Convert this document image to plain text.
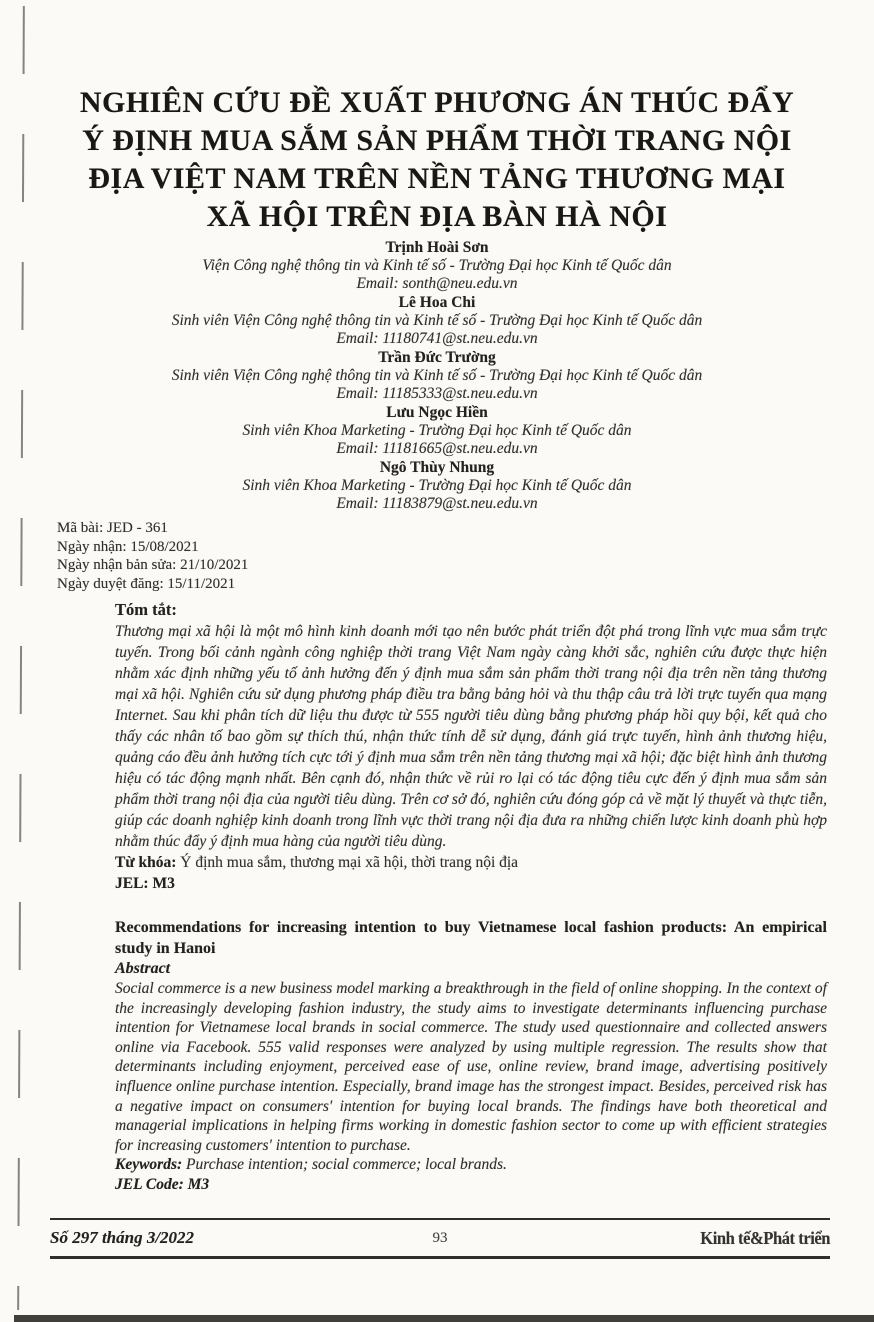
NGHIÊN CỨU ĐỀ XUẤT PHƯƠNG ÁN THÚC ĐẨY
Ý ĐỊNH MUA SẮM SẢN PHẨM THỜI TRANG NỘI
ĐỊA VIỆT NAM TRÊN NỀN TẢNG THƯƠNG MẠI
XÃ HỘI TRÊN ĐỊA BÀN HÀ NỘI
Trịnh Hoài Sơn
Viện Công nghệ thông tin và Kinh tế số - Trường Đại học Kinh tế Quốc dân
Email: sonth@neu.edu.vn
Lê Hoa Chi
Sinh viên Viện Công nghệ thông tin và Kinh tế số - Trường Đại học Kinh tế Quốc dân
Email: 11180741@st.neu.edu.vn
Trần Đức Trường
Sinh viên Viện Công nghệ thông tin và Kinh tế số - Trường Đại học Kinh tế Quốc dân
Email: 11185333@st.neu.edu.vn
Lưu Ngọc Hiền
Sinh viên Khoa Marketing - Trường Đại học Kinh tế Quốc dân
Email: 11181665@st.neu.edu.vn
Ngô Thùy Nhung
Sinh viên Khoa Marketing - Trường Đại học Kinh tế Quốc dân
Email: 11183879@st.neu.edu.vn
Mã bài: JED - 361
Ngày nhận: 15/08/2021
Ngày nhận bản sửa: 21/10/2021
Ngày duyệt đăng: 15/11/2021
Tóm tắt:

Thương mại xã hội là một mô hình kinh doanh mới tạo nên bước phát triển đột phá trong lĩnh vực mua sắm trực tuyến. Trong bối cảnh ngành công nghiệp thời trang Việt Nam ngày càng khởi sắc, nghiên cứu được thực hiện nhằm xác định những yếu tố ảnh hưởng đến ý định mua sắm sản phẩm thời trang nội địa trên nền tảng thương mại xã hội. Nghiên cứu sử dụng phương pháp điều tra bằng bảng hỏi và thu thập câu trả lời trực tuyến qua mạng Internet. Sau khi phân tích dữ liệu thu được từ 555 người tiêu dùng bằng phương pháp hồi quy bội, kết quả cho thấy các nhân tố bao gồm sự thích thú, nhận thức tính dễ sử dụng, đánh giá trực tuyến, hình ảnh thương hiệu, quảng cáo đều ảnh hưởng tích cực tới ý định mua sắm trên nền tảng thương mại xã hội; đặc biệt hình ảnh thương hiệu có tác động mạnh nhất. Bên cạnh đó, nhận thức về rủi ro lại có tác động tiêu cực đến ý định mua sắm sản phẩm thời trang nội địa của người tiêu dùng. Trên cơ sở đó, nghiên cứu đóng góp cả về mặt lý thuyết và thực tiễn, giúp các doanh nghiệp kinh doanh trong lĩnh vực thời trang nội địa đưa ra những chiến lược kinh doanh phù hợp nhằm thúc đẩy ý định mua hàng của người tiêu dùng.

Từ khóa: Ý định mua sắm, thương mại xã hội, thời trang nội địa
JEL: M3
Recommendations for increasing intention to buy Vietnamese local fashion products: An empirical study in Hanoi
Abstract

Social commerce is a new business model marking a breakthrough in the field of online shopping. In the context of the increasingly developing fashion industry, the study aims to investigate determinants influencing purchase intention for Vietnamese local brands in social commerce. The study used questionnaire and collected answers online via Facebook. 555 valid responses were analyzed by using multiple regression. The results show that determinants including enjoyment, perceived ease of use, online review, brand image, advertising positively influence online purchase intention. Especially, brand image has the strongest impact. Besides, perceived risk has a negative impact on consumers' intention for buying local brands. The findings have both theoretical and managerial implications in helping firms working in domestic fashion sector to come up with efficient strategies for increasing customers' intention to purchase.

Keywords: Purchase intention; social commerce; local brands.
JEL Code: M3
Số 297 tháng 3/2022	93	Kinh tế&Phát triển
